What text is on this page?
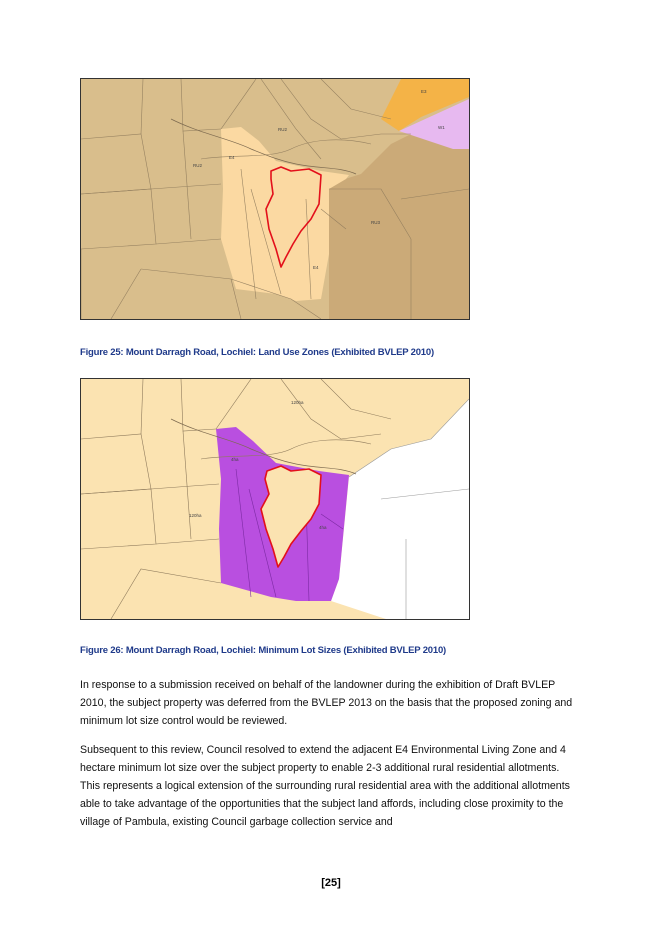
RU2
RU2
E4
RU3
E4
E3
W1
Figure 25: Mount Darragh Road, Lochiel: Land Use Zones (Exhibited BVLEP 2010)
120ha
4ha
120ha
4ha
Figure 26: Mount Darragh Road, Lochiel: Minimum Lot Sizes (Exhibited BVLEP 2010)
In response to a submission received on behalf of the landowner during the exhibition of Draft BVLEP 2010, the subject property was deferred from the BVLEP 2013 on the basis that the proposed zoning and minimum lot size control would be reviewed.
Subsequent to this review, Council resolved to extend the adjacent E4 Environmental Living Zone and 4 hectare minimum lot size over the subject property to enable 2-3 additional rural residential allotments. This represents a logical extension of the surrounding rural residential area with the additional allotments able to take advantage of the opportunities that the subject land affords, including close proximity to the village of Pambula, existing Council garbage collection service and
[25]
